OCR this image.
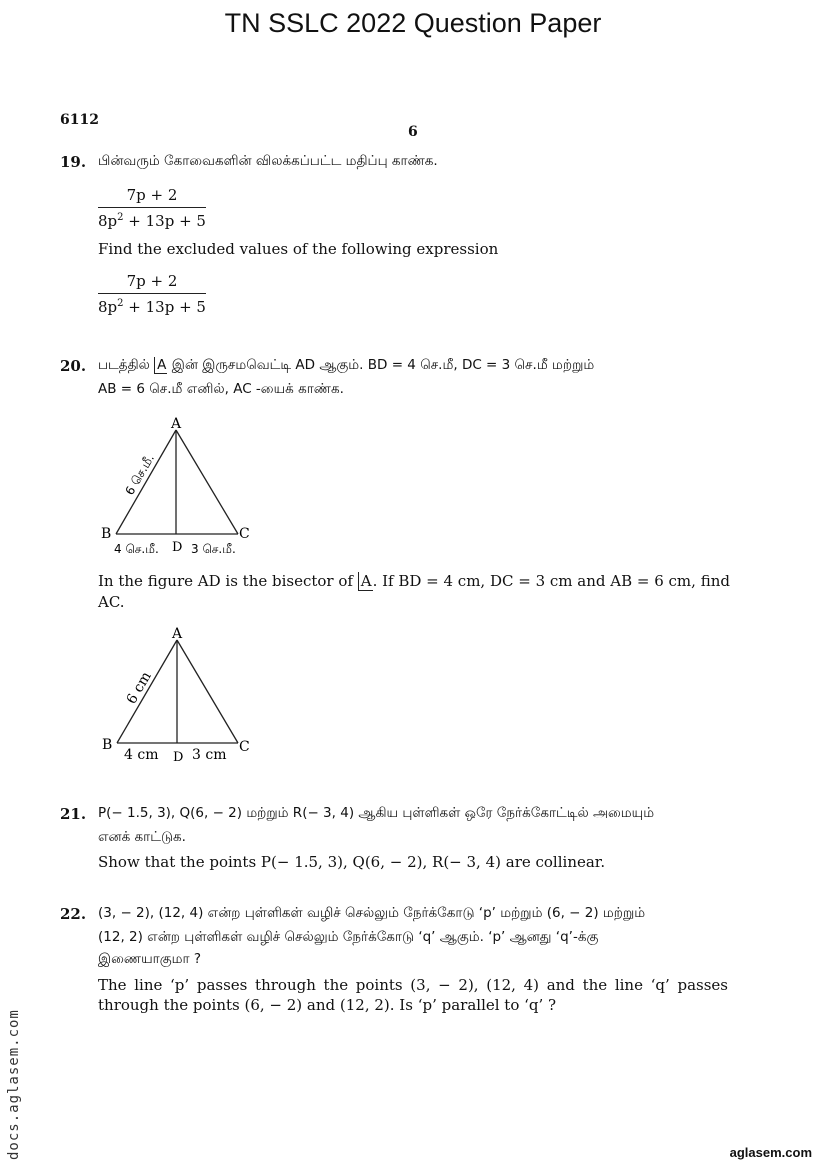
TN SSLC 2022 Question Paper
6112
6
19. பின்வரும் கோவைகளின் விலக்கப்பட்ட மதிப்பு காண்க.
$\frac{7p + 2}{8p^2 + 13p + 5}$
Find the excluded values of the following expression
$\frac{7p + 2}{8p^2 + 13p + 5}$
20. படத்தில் A இன் இருசமவெட்டி AD ஆகும். BD = 4 செ.மீ, DC = 3 செ.மீ மற்றும்
AB = 6 செ.மீ எனில், AC -யைக் காண்க.
A
B	C
D
4 செ.மீ.	3 செ.மீ.
6 செ.மீ.
In the figure AD is the bisector of A. If BD = 4 cm, DC = 3 cm and AB = 6 cm, find
AC.
A
B	C
D
4 cm 3 cm
6 cm
21. P(− 1.5, 3), Q(6, − 2) மற்றும் R(− 3, 4) ஆகிய புள்ளிகள் ஒரே நேர்க்கோட்டில் அமையும்
எனக் காட்டுக.
Show that the points P(− 1.5, 3), Q(6, − 2), R(− 3, 4) are collinear.
22. (3, − 2), (12, 4) என்ற புள்ளிகள் வழிச் செல்லும் நேர்க்கோடு ‘p’ மற்றும் (6, − 2) மற்றும்
(12, 2) என்ற புள்ளிகள் வழிச் செல்லும் நேர்க்கோடு ‘q’ ஆகும். ‘p’ ஆனது ‘q’-க்கு
இணையாகுமா ?
The line ‘p’ passes through the points (3, − 2), (12, 4) and the line ‘q’ passes
through the points (6, − 2) and (12, 2). Is ‘p’ parallel to ‘q’ ?
docs.aglasem.com	aglasem.com
